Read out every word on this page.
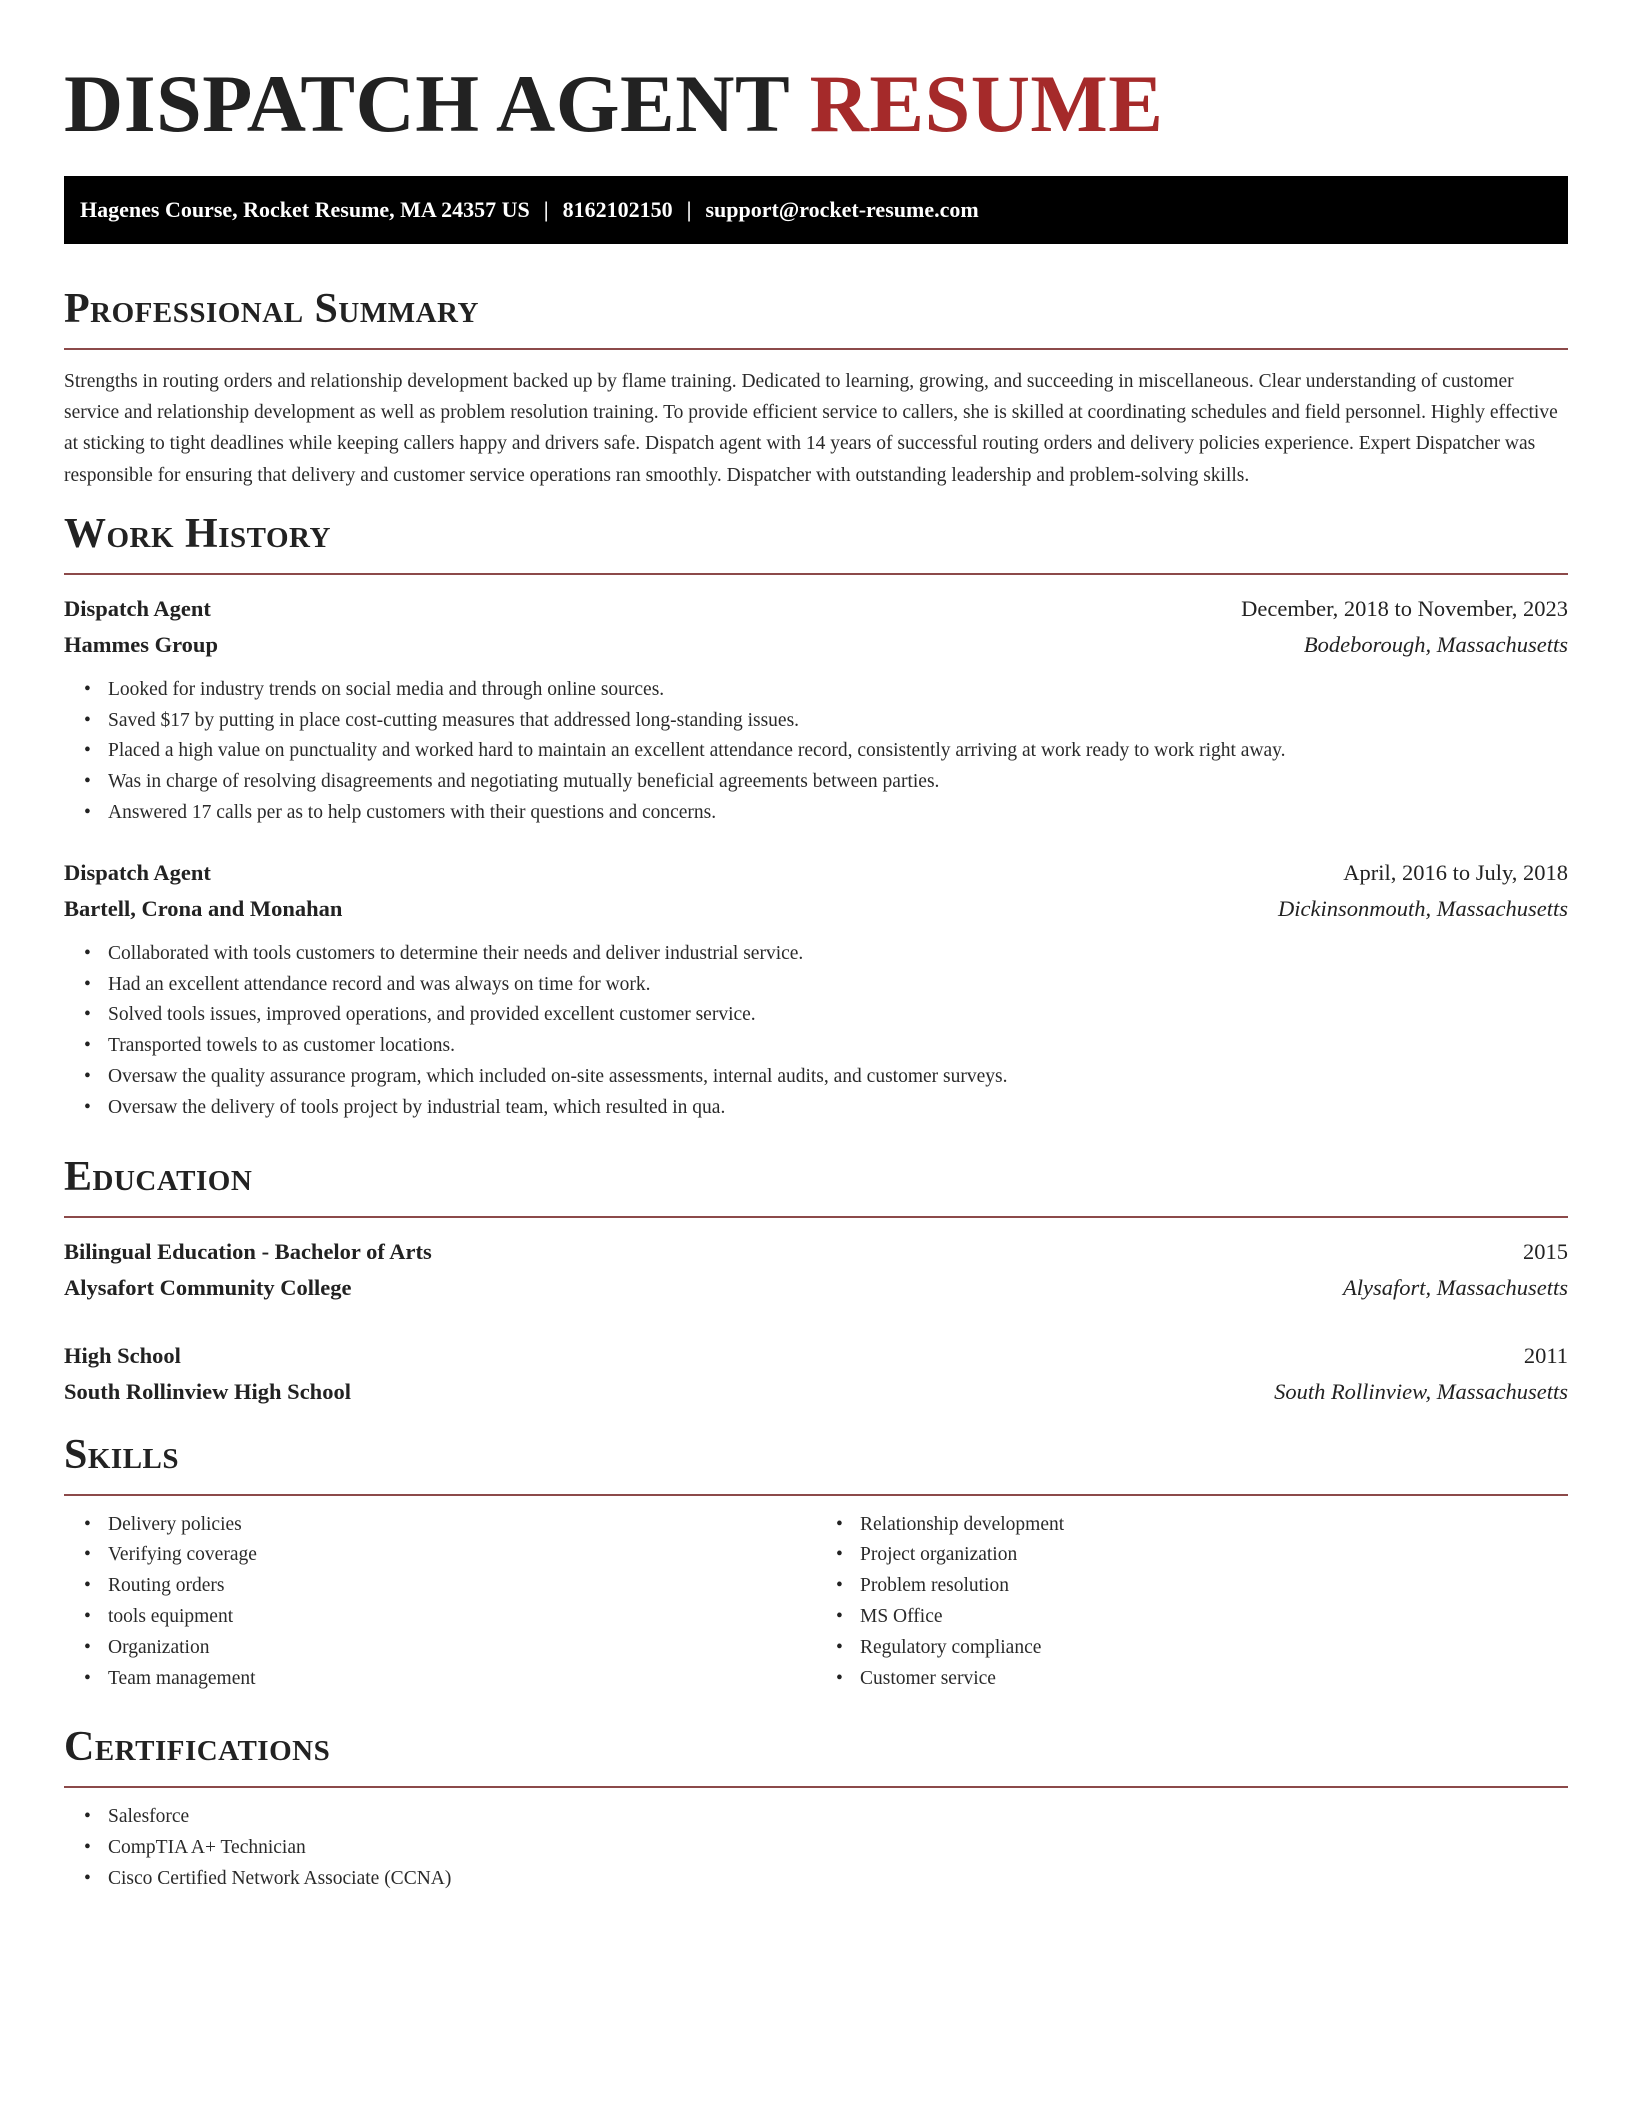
DISPATCH AGENT RESUME
Hagenes Course, Rocket Resume, MA 24357 US | 8162102150 | support@rocket-resume.com
Professional Summary

Strengths in routing orders and relationship development backed up by flame training. Dedicated to learning, growing, and succeeding in miscellaneous. Clear understanding of customer service and relationship development as well as problem resolution training. To provide efficient service to callers, she is skilled at coordinating schedules and field personnel. Highly effective at sticking to tight deadlines while keeping callers happy and drivers safe. Dispatch agent with 14 years of successful routing orders and delivery policies experience. Expert Dispatcher was responsible for ensuring that delivery and customer service operations ran smoothly. Dispatcher with outstanding leadership and problem-solving skills.

Work History
Dispatch Agent	December, 2018 to November, 2023
Hammes Group	Bodeborough, Massachusetts
• Looked for industry trends on social media and through online sources.
• Saved $17 by putting in place cost-cutting measures that addressed long-standing issues.
• Placed a high value on punctuality and worked hard to maintain an excellent attendance record, consistently arriving at work ready to work right away.
• Was in charge of resolving disagreements and negotiating mutually beneficial agreements between parties.
• Answered 17 calls per as to help customers with their questions and concerns.
Dispatch Agent	April, 2016 to July, 2018
Bartell, Crona and Monahan	Dickinsonmouth, Massachusetts
• Collaborated with tools customers to determine their needs and deliver industrial service.
• Had an excellent attendance record and was always on time for work.
• Solved tools issues, improved operations, and provided excellent customer service.
• Transported towels to as customer locations.
• Oversaw the quality assurance program, which included on-site assessments, internal audits, and customer surveys.
• Oversaw the delivery of tools project by industrial team, which resulted in qua.
Education
Bilingual Education - Bachelor of Arts	2015
Alysafort Community College	Alysafort, Massachusetts
High School	2011
South Rollinview High School	South Rollinview, Massachusetts
Skills
• Delivery policies
• Verifying coverage
• Routing orders
• tools equipment
• Organization
• Team management
• Relationship development
• Project organization
• Problem resolution
• MS Office
• Regulatory compliance
• Customer service
Certifications
• Salesforce
• CompTIA A+ Technician
• Cisco Certified Network Associate (CCNA)
